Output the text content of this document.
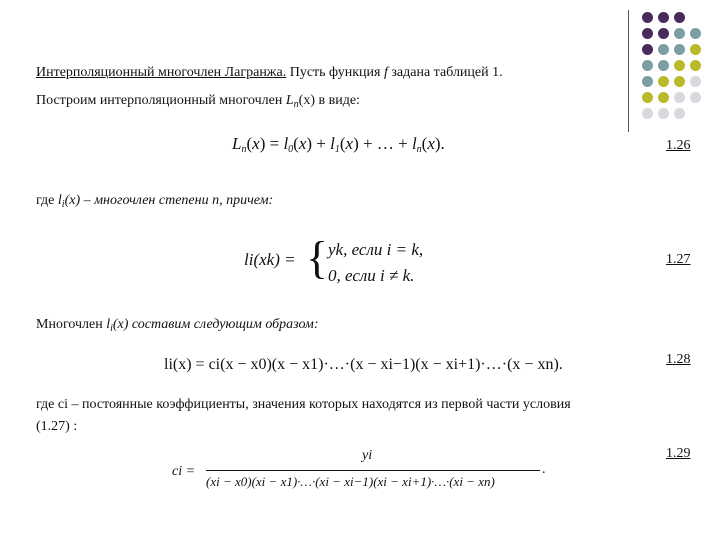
Интерполяционный многочлен Лагранжа. Пусть функция f задана таблицей 1.
Построим интерполяционный многочлен $L_n(x)$ в виде:
$L_n(x) = l_0(x) + l_1(x)$ + … + $l_n(x)$.	1.26
где $l_i(x)$ – многочлен степени n, причем:
li(xk) = { yk, если i = k,
0, если i ≠ k.
1.27
Многочлен $l_i(x)$ составим следующим образом:
li(x) = ci(x − x0)(x − x1)·…·(x − xi−1)(x − xi+1)·…·(x − xn).	1.28
где ci – постоянные коэффициенты, значения которых находятся из первой части условия
(1.27) :
1.29
ci =
yi
(xi − x0)(xi − x1)·…·(xi − xi−1)(xi − xi+1)·…·(xi − xn)
.
